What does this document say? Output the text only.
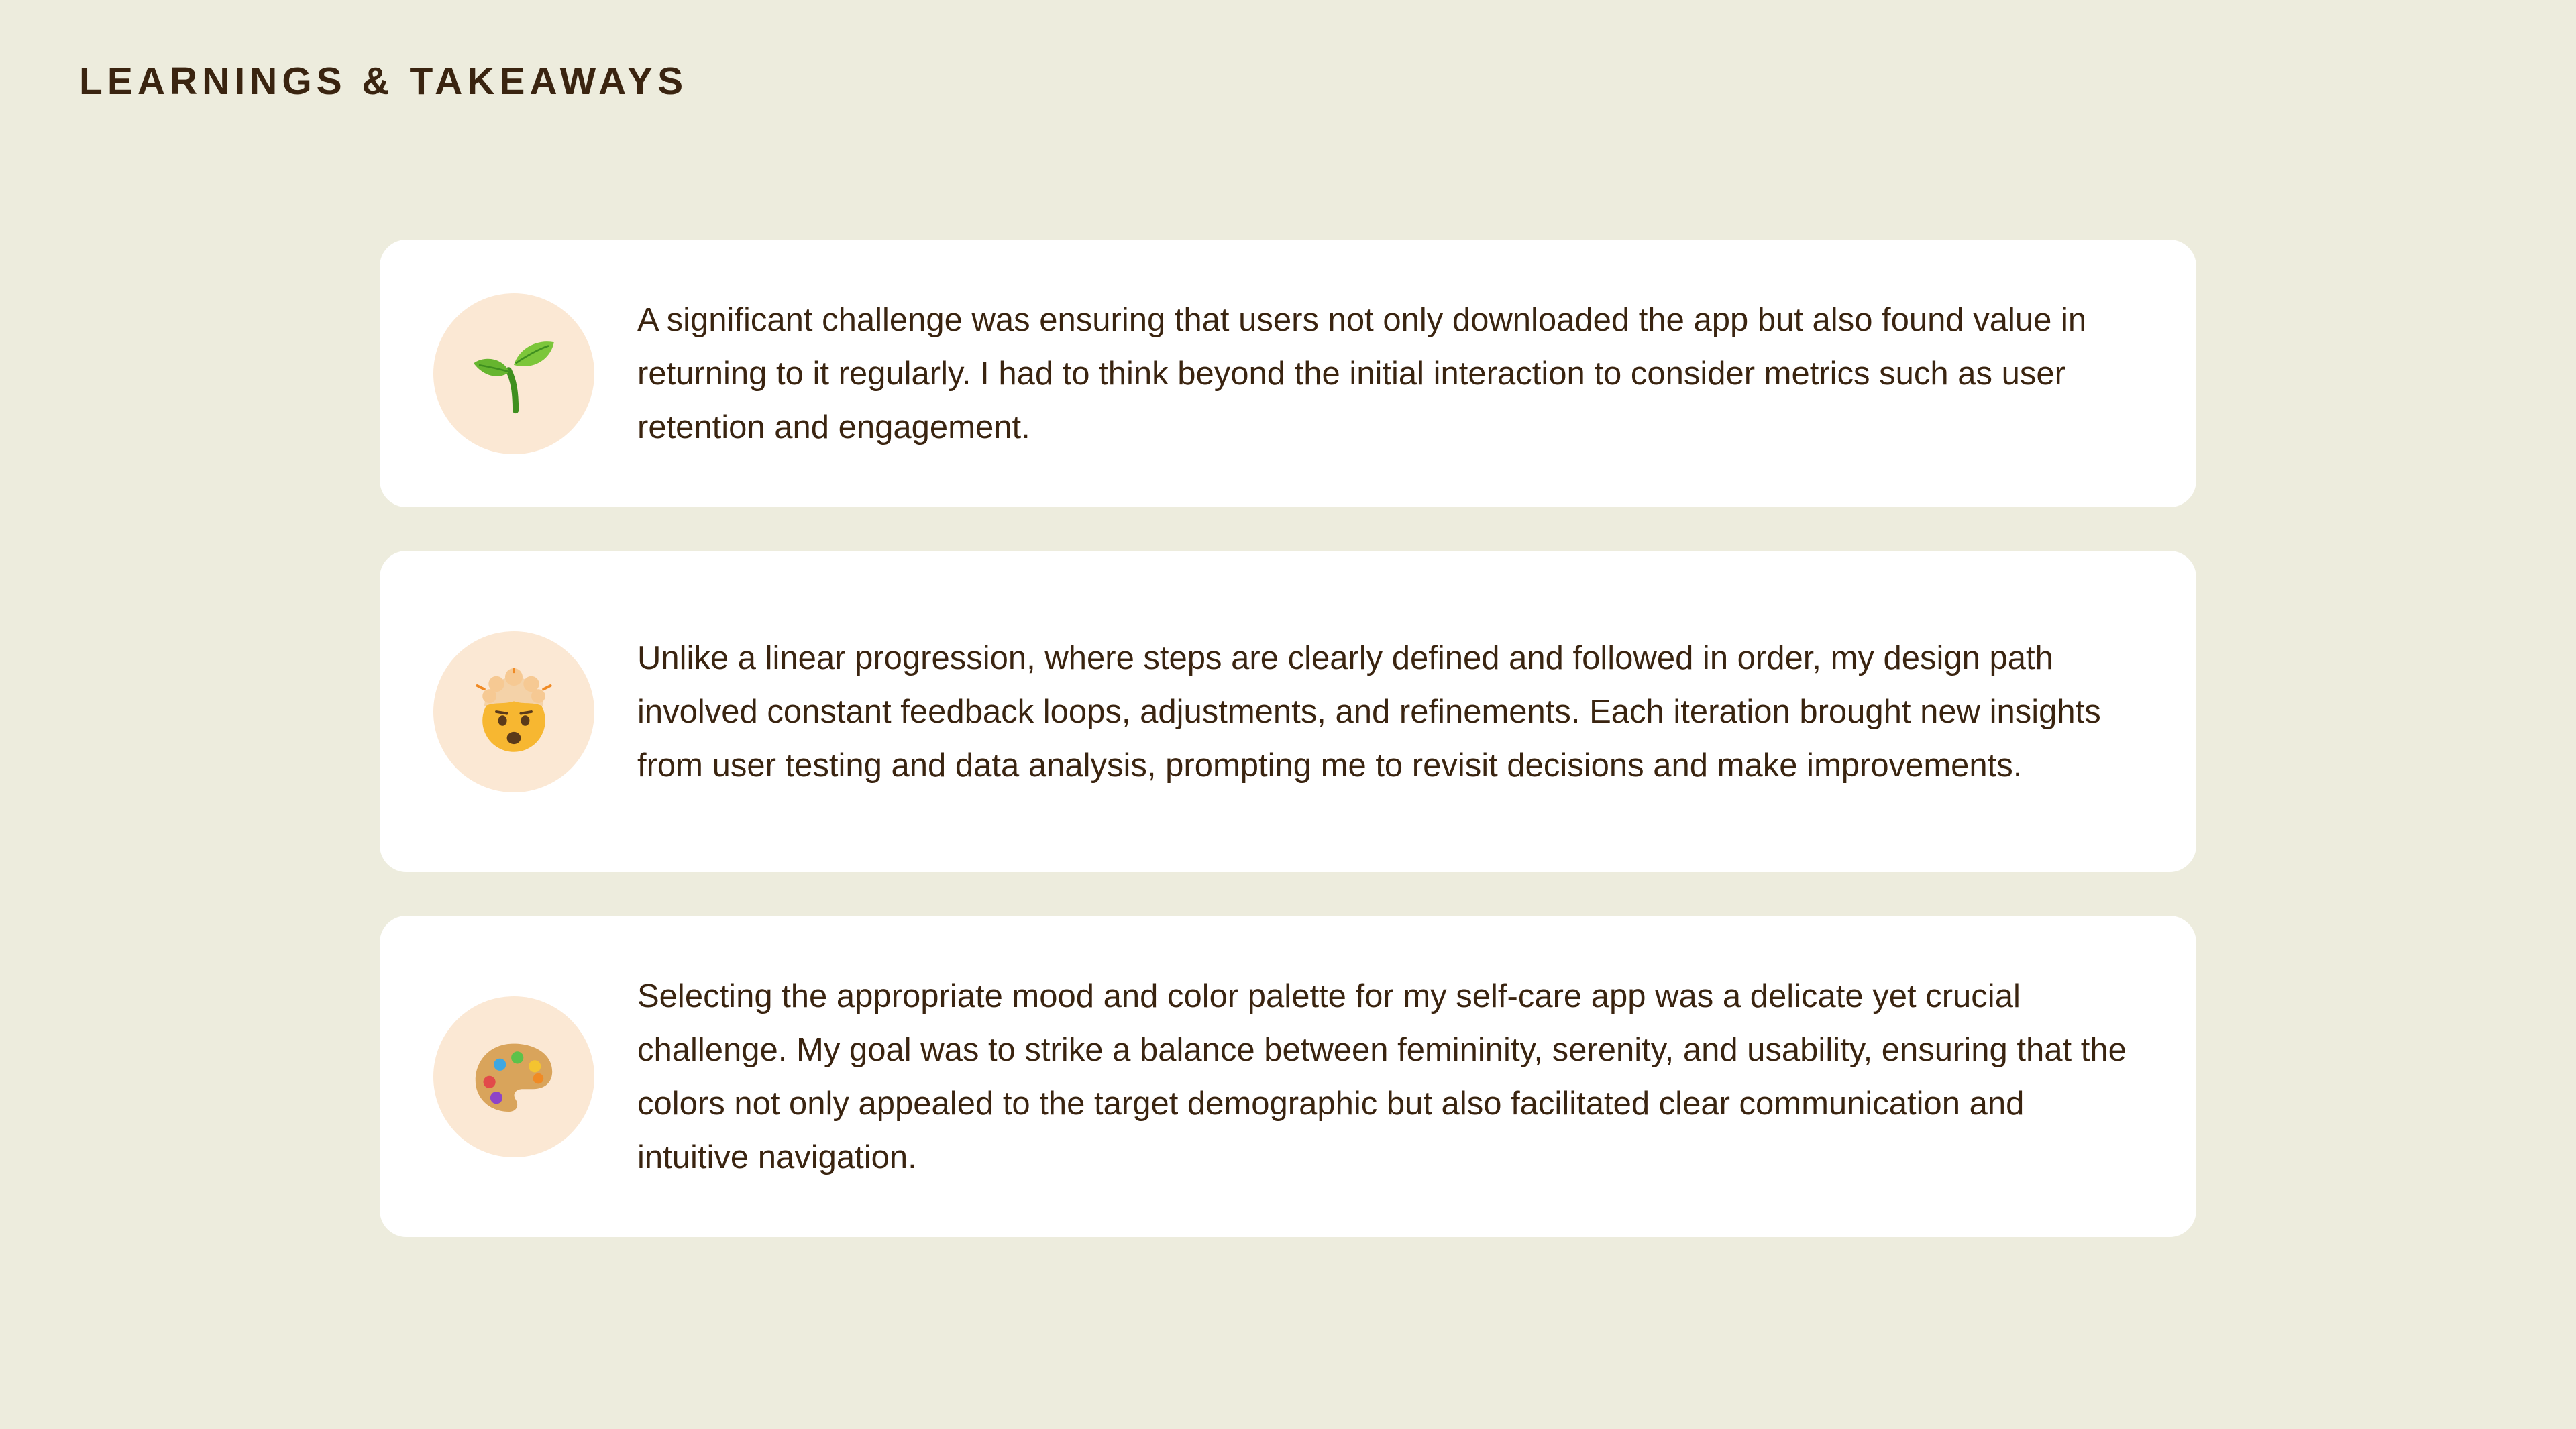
LEARNINGS & TAKEAWAYS

A significant challenge was ensuring that users not only downloaded the app but also found value in returning to it regularly. I had to think beyond the initial interaction to consider metrics such as user retention and engagement.

Unlike a linear progression, where steps are clearly defined and followed in order, my design path involved constant feedback loops, adjustments, and refinements. Each iteration brought new insights from user testing and data analysis, prompting me to revisit decisions and make improvements.

Selecting the appropriate mood and color palette for my self-care app was a delicate yet crucial challenge. My goal was to strike a balance between femininity, serenity, and usability, ensuring that the colors not only appealed to the target demographic but also facilitated clear communication and intuitive navigation.
